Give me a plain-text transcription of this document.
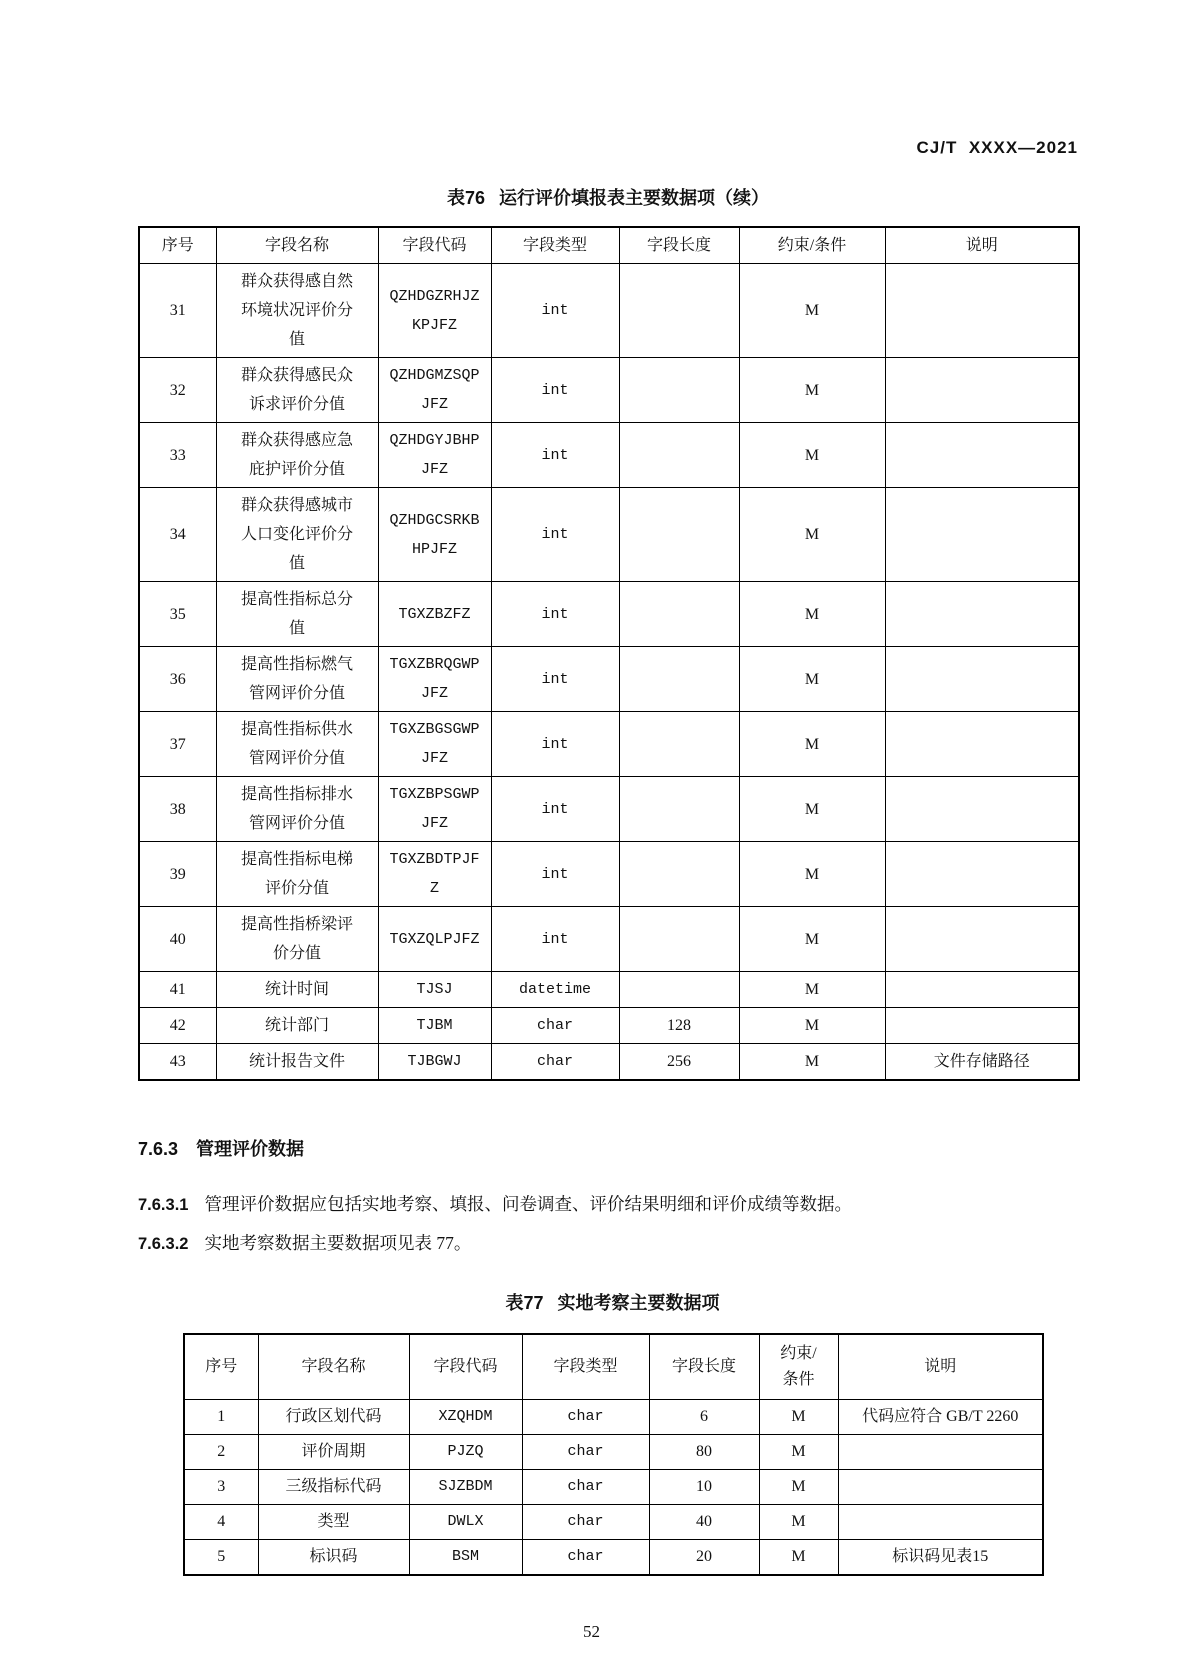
CJ/T  XXXX—2021
表76 运行评价填报表主要数据项（续）
序号	字段名称	字段代码	字段类型	字段长度	约束/条件	说明
31	群众获得感自然环境状况评价分值	QZHDGZRHJZKPJFZ	int		M	
32	群众获得感民众诉求评价分值	QZHDGMZSQPJFZ	int		M	
33	群众获得感应急庇护评价分值	QZHDGYJBHPJFZ	int		M	
34	群众获得感城市人口变化评价分值	QZHDGCSRKBHPJFZ	int		M	
35	提高性指标总分值	TGXZBZFZ	int		M	
36	提高性指标燃气管网评价分值	TGXZBRQGWPJFZ	int		M	
37	提高性指标供水管网评价分值	TGXZBGSGWPJFZ	int		M	
38	提高性指标排水管网评价分值	TGXZBPSGWPJFZ	int		M	
39	提高性指标电梯评价分值	TGXZBDTPJFZ	int		M	
40	提高性指桥梁评价分值	TGXZQLPJFZ	int		M	
41	统计时间	TJSJ	datetime		M	
42	统计部门	TJBM	char	128	M	
43	统计报告文件	TJBGWJ	char	256	M	文件存储路径
7.6.3 管理评价数据
7.6.3.1 管理评价数据应包括实地考察、填报、问卷调查、评价结果明细和评价成绩等数据。
7.6.3.2 实地考察数据主要数据项见表 77。
表77 实地考察主要数据项
序号	字段名称	字段代码	字段类型	字段长度	约束/条件	说明
1	行政区划代码	XZQHDM	char	6	M	代码应符合 GB/T 2260
2	评价周期	PJZQ	char	80	M	
3	三级指标代码	SJZBDM	char	10	M	
4	类型	DWLX	char	40	M	
5	标识码	BSM	char	20	M	标识码见表15
52
